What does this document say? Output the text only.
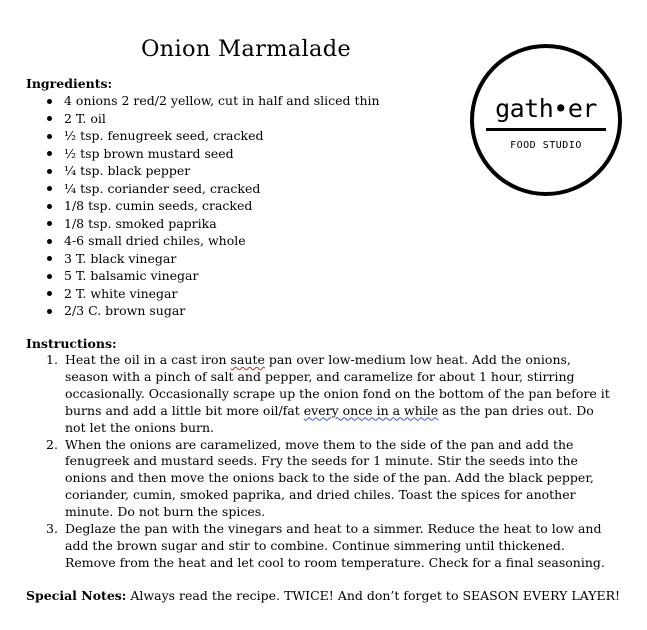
Onion Marmalade
gath•er
FOOD STUDIO
Ingredients:
4 onions 2 red/2 yellow, cut in half and sliced thin
2 T. oil
½ tsp. fenugreek seed, cracked
½ tsp brown mustard seed
¼ tsp. black pepper
¼ tsp. coriander seed, cracked
1/8 tsp. cumin seeds, cracked
1/8 tsp. smoked paprika
4-6 small dried chiles, whole
3 T. black vinegar
5 T. balsamic vinegar
2 T. white vinegar
2/3 C. brown sugar
Instructions:
1. Heat the oil in a cast iron saute pan over low-medium low heat. Add the onions, season with a pinch of salt and pepper, and caramelize for about 1 hour, stirring occasionally. Occasionally scrape up the onion fond on the bottom of the pan before it burns and add a little bit more oil/fat every once in a while as the pan dries out. Do not let the onions burn.
2. When the onions are caramelized, move them to the side of the pan and add the fenugreek and mustard seeds. Fry the seeds for 1 minute. Stir the seeds into the onions and then move the onions back to the side of the pan. Add the black pepper, coriander, cumin, smoked paprika, and dried chiles. Toast the spices for another minute. Do not burn the spices.
3. Deglaze the pan with the vinegars and heat to a simmer. Reduce the heat to low and add the brown sugar and stir to combine. Continue simmering until thickened. Remove from the heat and let cool to room temperature. Check for a final seasoning.
Special Notes: Always read the recipe. TWICE! And don’t forget to SEASON EVERY LAYER!
